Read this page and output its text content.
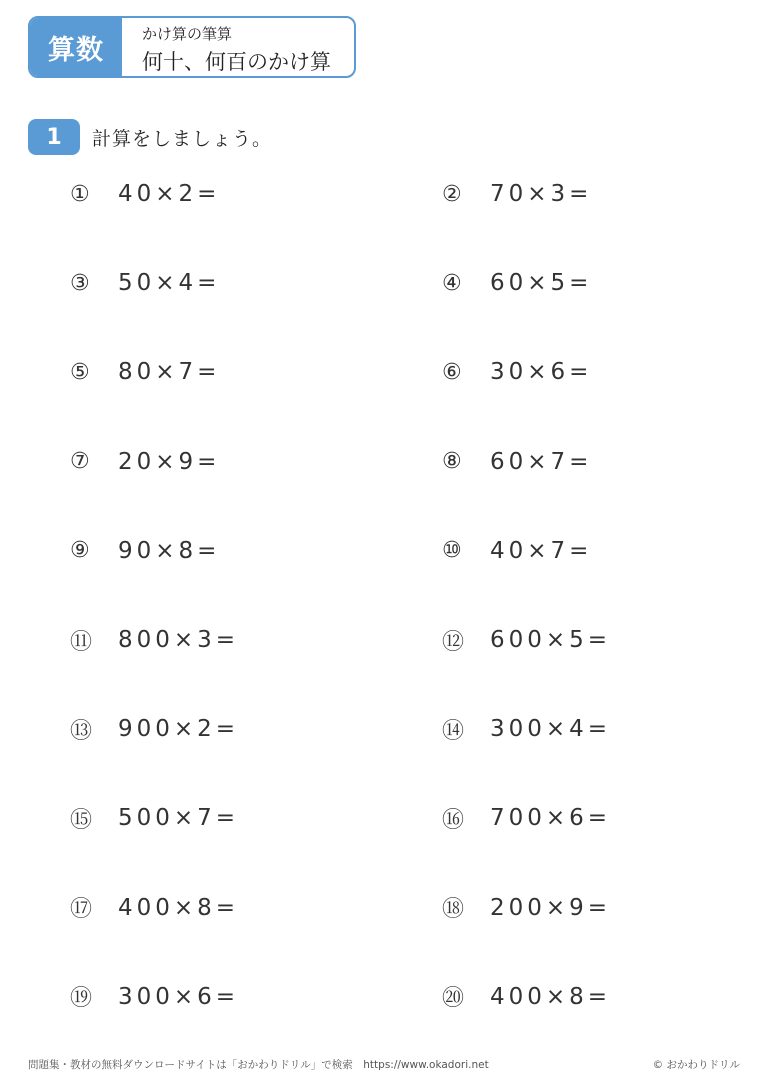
算数
かけ算の筆算
何十、何百のかけ算
1	計算をしましょう。
①	40×2=	②	70×3=
③	50×4=	④	60×5=
⑤	80×7=	⑥	30×6=
⑦	20×9=	⑧	60×7=
⑨	90×8=	⑩	40×7=
⑪	800×3=	⑫	600×5=
⑬	900×2=	⑭	300×4=
⑮	500×7=	⑯	700×6=
⑰	400×8=	⑱	200×9=
⑲	300×6=	⑳	400×8=
問題集・教材の無料ダウンロードサイトは「おかわりドリル」で検索　https://www.okadori.net	© おかわりドリル
